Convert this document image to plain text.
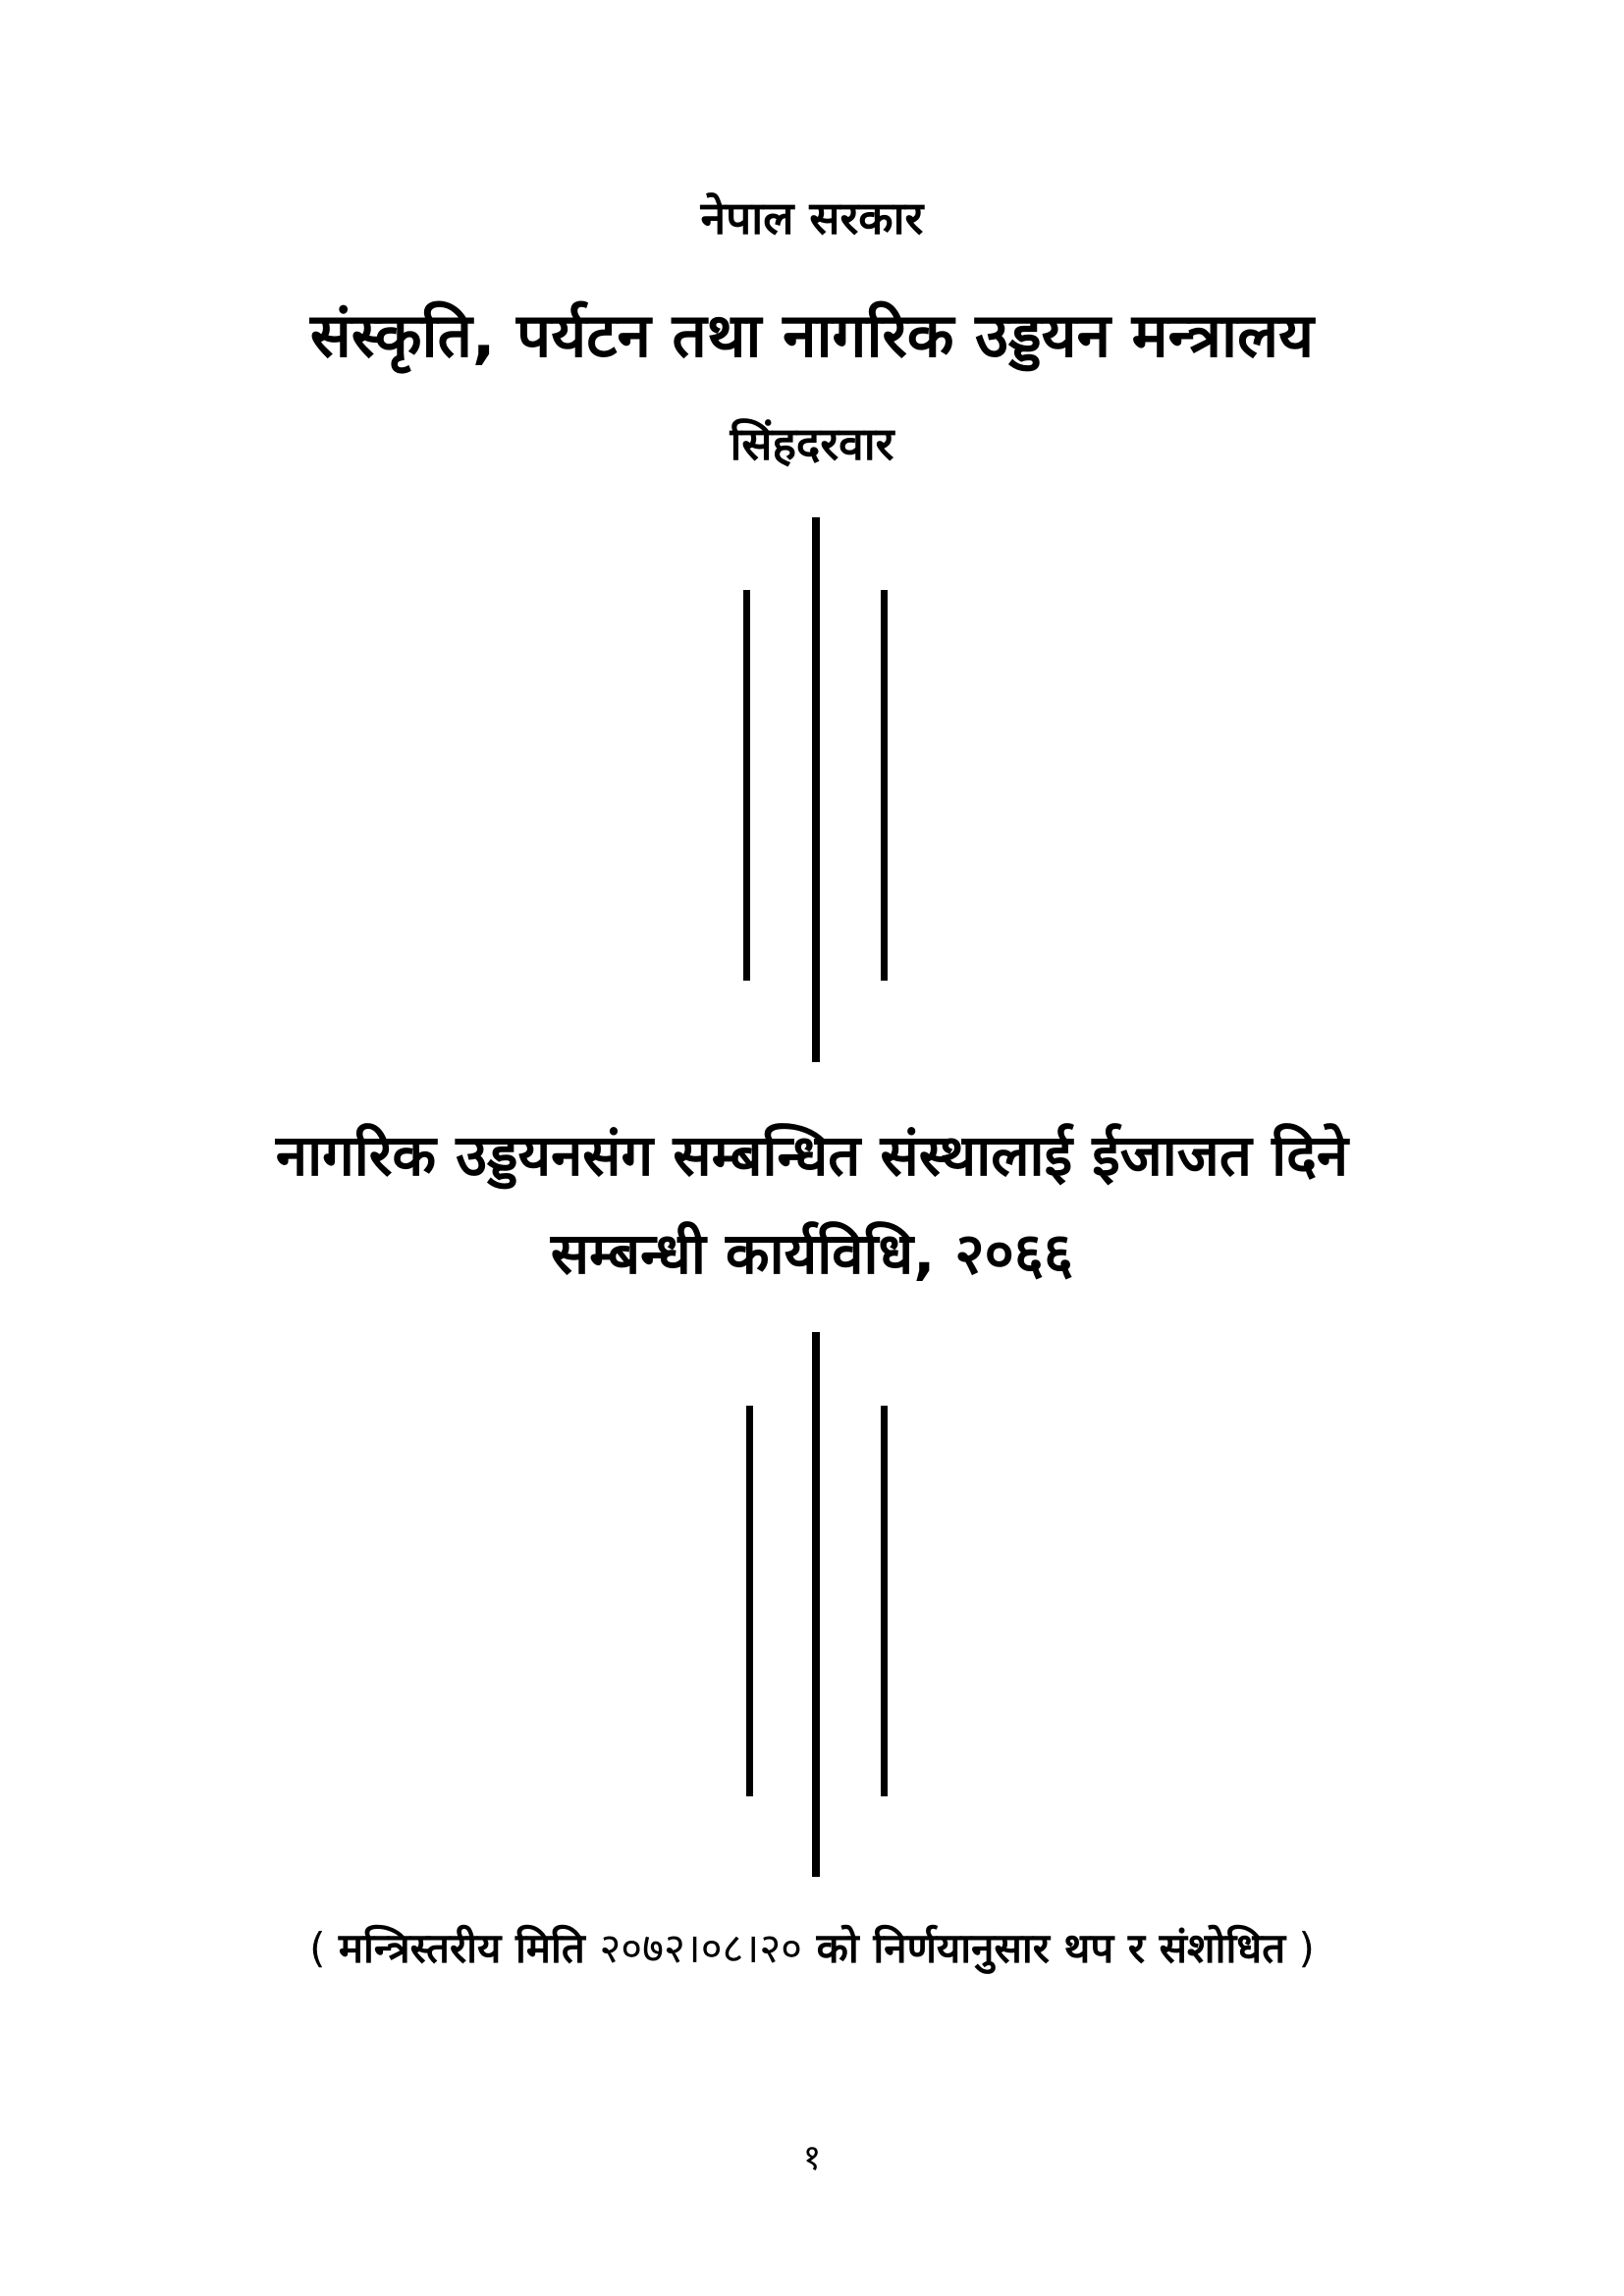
नेपाल सरकार
संस्कृति, पर्यटन तथा नागरिक उड्डयन मन्त्रालय
सिंहदरवार
नागरिक उड्डयनसंग सम्बन्धित संस्थालाई ईजाजत दिने
सम्बन्धी कार्यविधि, २०६६
( मन्त्रिस्तरीय मिति २०७२।०८।२० को निर्णयानुसार थप र संशोधित )
१
